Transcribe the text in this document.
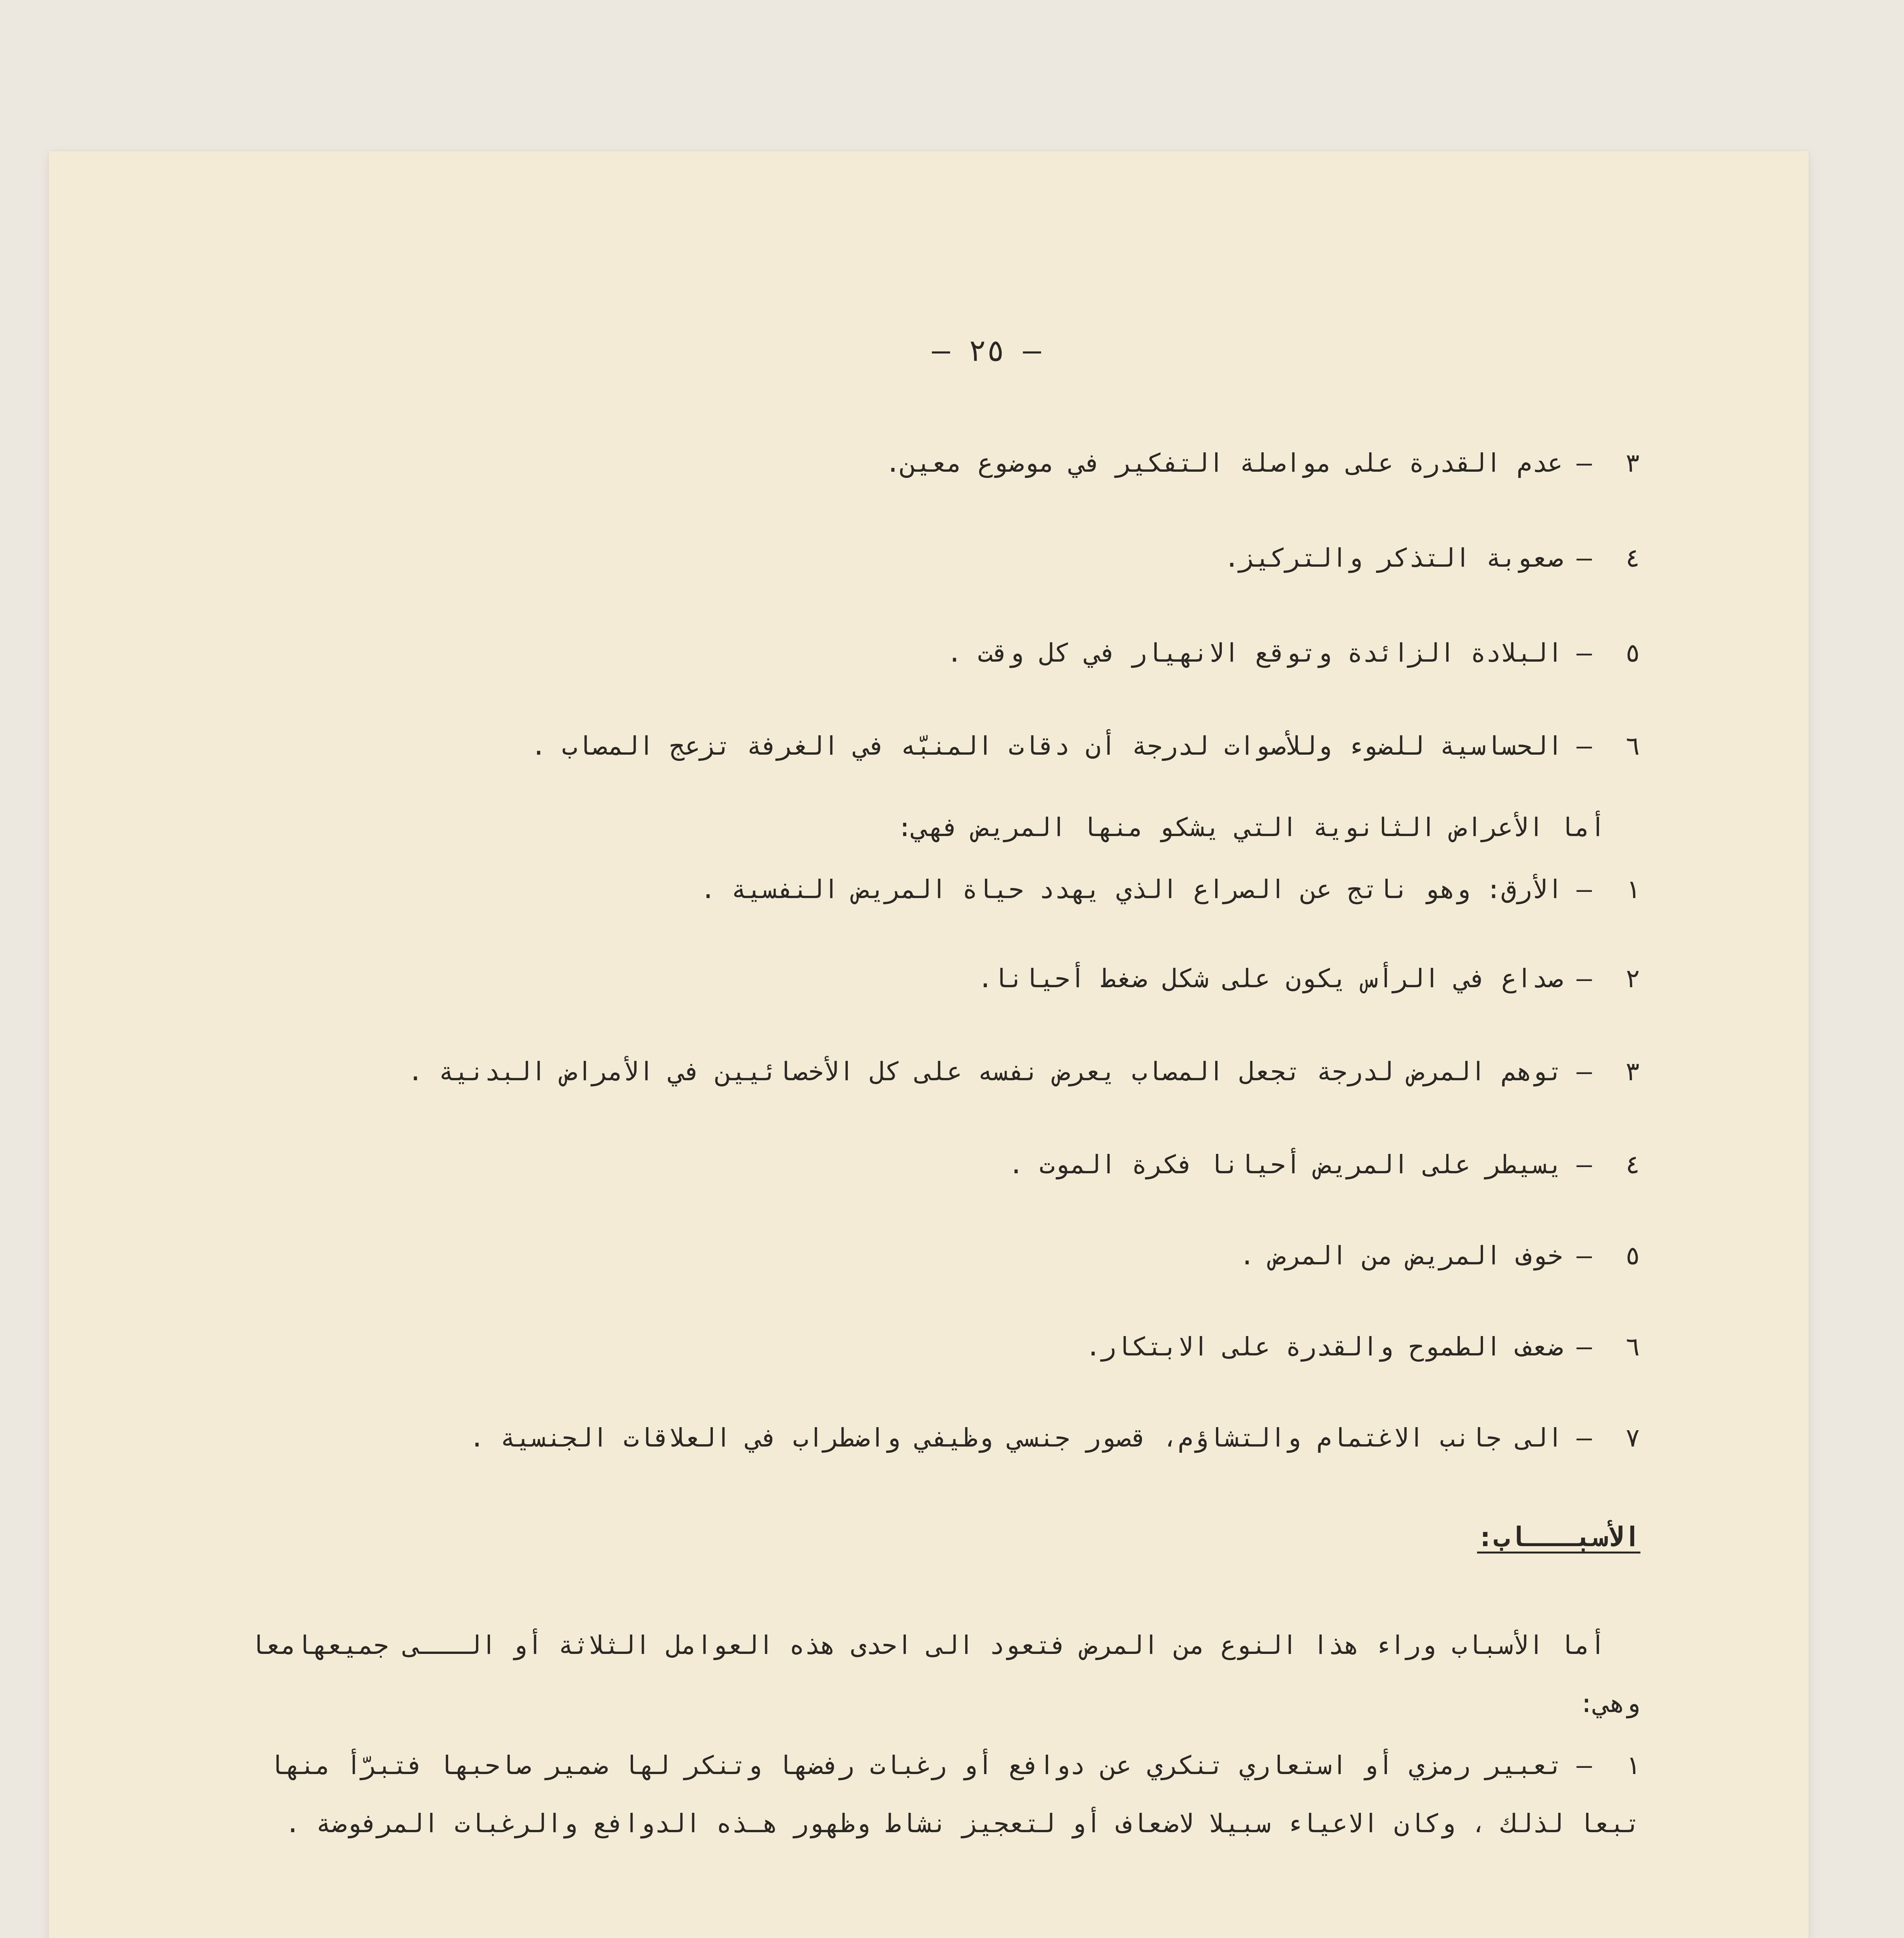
– ٢٥ –
٣–عدم القدرة على مواصلة التفكير في موضوع معين.
٤–صعوبة التذكر والتركيز.
٥–البلادة الزائدة وتوقع الانهيار في كل وقت .
٦–الحساسية للضوء وللأصوات لدرجة أن دقات المنبّه في الغرفة تزعج المصاب .
أما الأعراض الثانوية التي يشكو منها المريض فهي:
١–الأرق: وهو ناتج عن الصراع الذي يهدد حياة المريض النفسية .
٢–صداع في الرأس يكون على شكل ضغط أحيانا.
٣–توهم المرض لدرجة تجعل المصاب يعرض نفسه على كل الأخصائيين في الأمراض البدنية .
٤–يسيطر على المريض أحيانا فكرة الموت .
٥–خوف المريض من المرض .
٦–ضعف الطموح والقدرة على الابتكار.
٧–الى جانب الاغتمام والتشاؤم، قصور جنسي وظيفي واضطراب في العلاقات الجنسية .
الأسبـــاب:
أما الأسباب وراء هذا النوع من المرض فتعود الى احدى هذه العوامل الثلاثة أو الـــى جميعهامعا وهي:
١–تعبير رمزي أو استعاري تنكري عن دوافع أو رغبات رفضها وتنكر لها ضمير صاحبها فتبرّأ منها تبعا لذلك ، وكان الاعياء سبيلا لاضعاف أو لتعجيز نشاط وظهور هـذه الدوافع والرغبات المرفوضة .
